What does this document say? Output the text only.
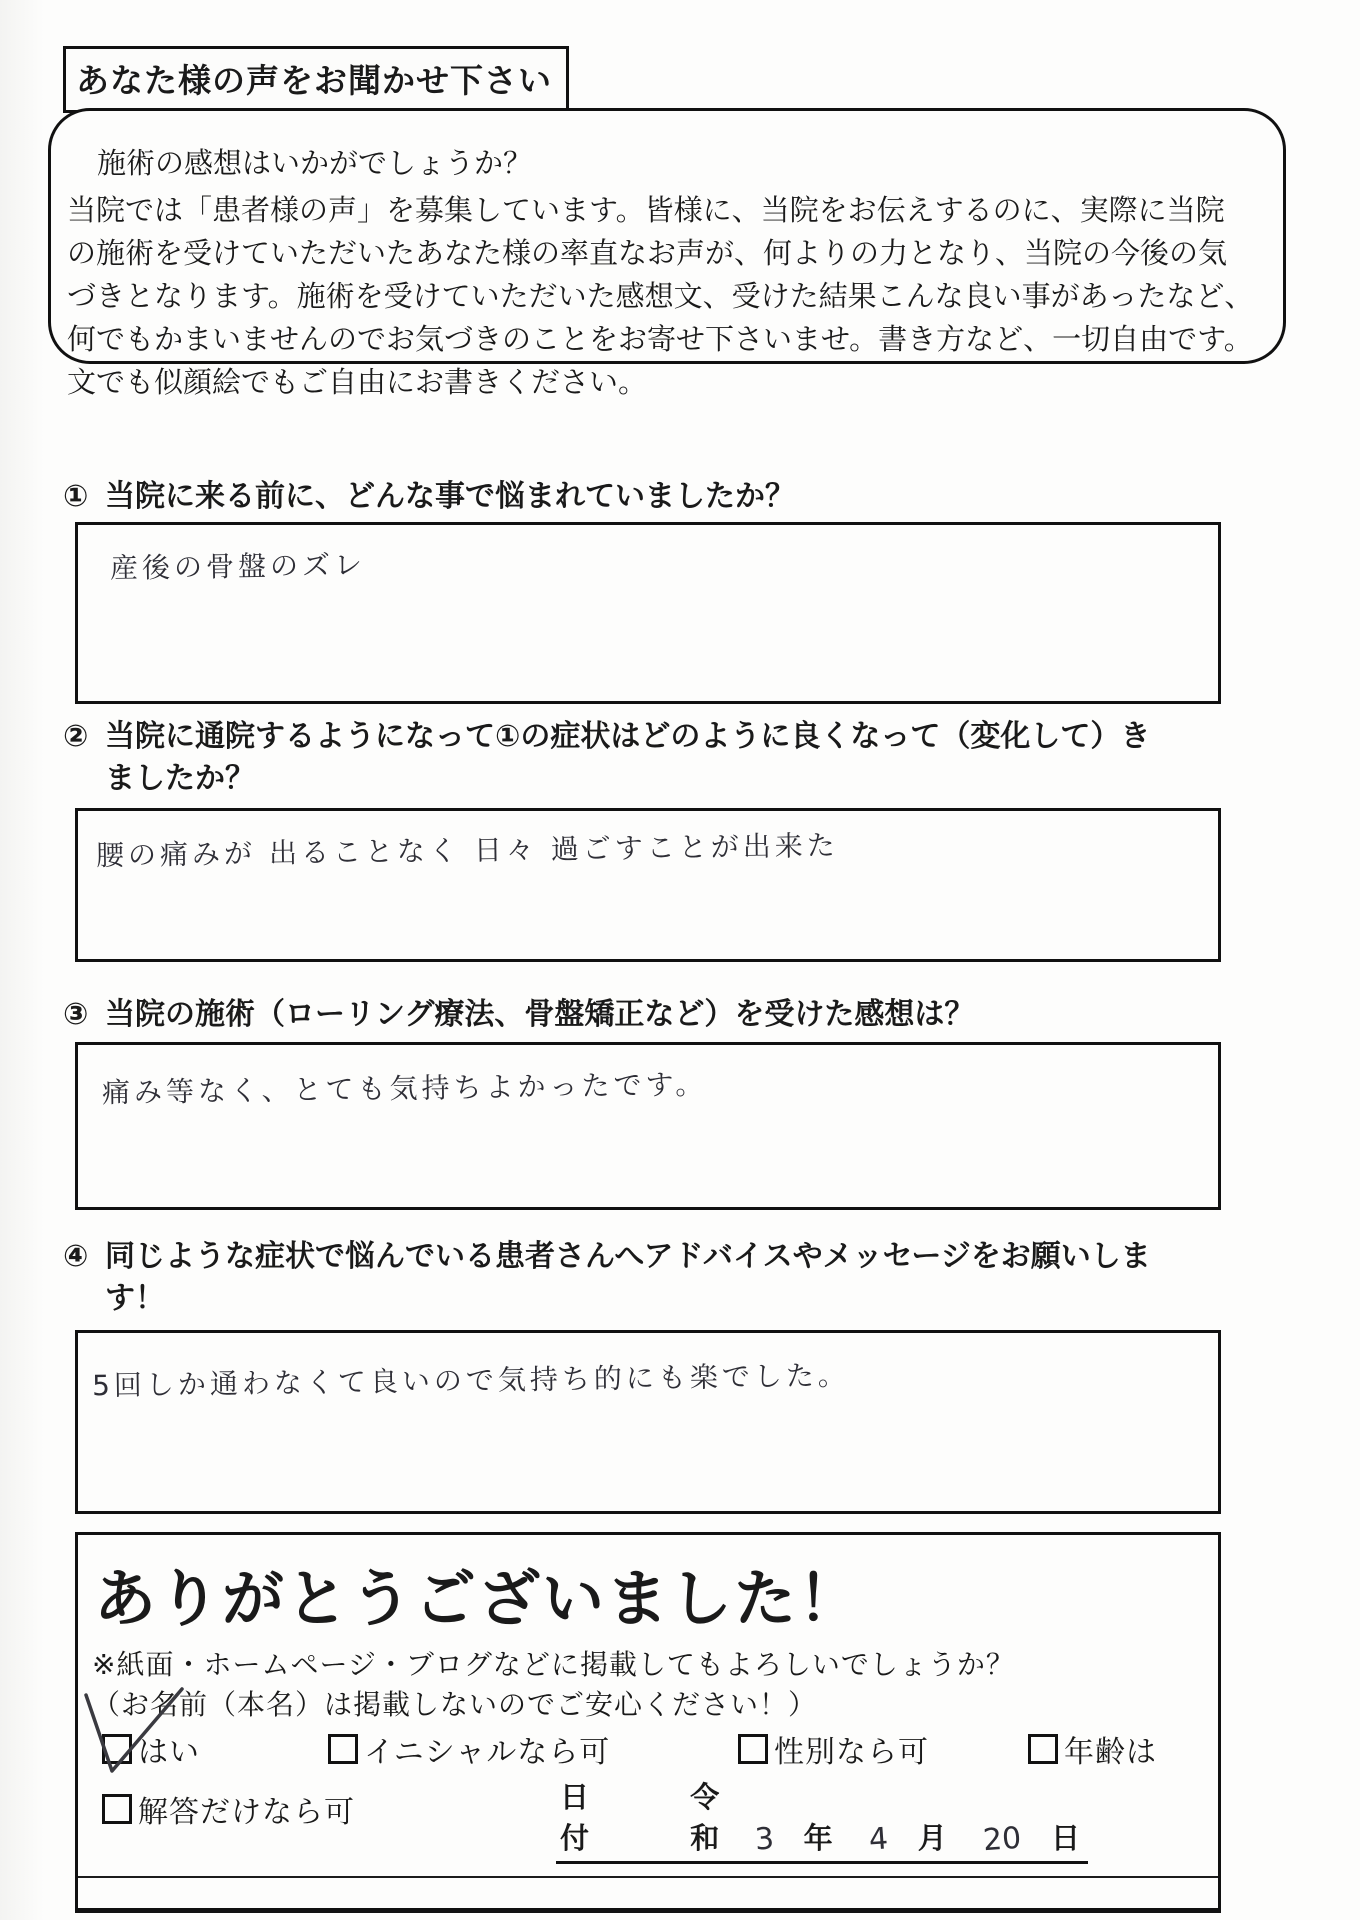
あなた様の声をお聞かせ下さい
施術の感想はいかがでしょうか？
当院では「患者様の声」を募集しています。皆様に、当院をお伝えするのに、実際に当院
の施術を受けていただいたあなた様の率直なお声が、何よりの力となり、当院の今後の気
づきとなります。施術を受けていただいた感想文、受けた結果こんな良い事があったなど、
何でもかまいませんのでお気づきのことをお寄せ下さいませ。書き方など、一切自由です。
文でも似顔絵でもご自由にお書きください。
① 当院に来る前に、どんな事で悩まれていましたか？
産後の骨盤のズレ
② 当院に通院するようになって①の症状はどのように良くなって（変化して）き
ましたか？
腰の痛みが 出ることなく 日々 過ごすことが出来た
③ 当院の施術（ローリング療法、骨盤矯正など）を受けた感想は？
痛み等なく、とても気持ちよかったです。
④ 同じような症状で悩んでいる患者さんへアドバイスやメッセージをお願いしま
す！
5回しか通わなくて良いので気持ち的にも楽でした。
ありがとうございました！
※紙面・ホームページ・ブログなどに掲載してもよろしいでしょうか？
（お名前（本名）は掲載しないのでご安心ください！）
はい	イニシャルなら可	性別なら可	年齢は
解答だけなら可	日付
令和 3 年 4 月 20 日
